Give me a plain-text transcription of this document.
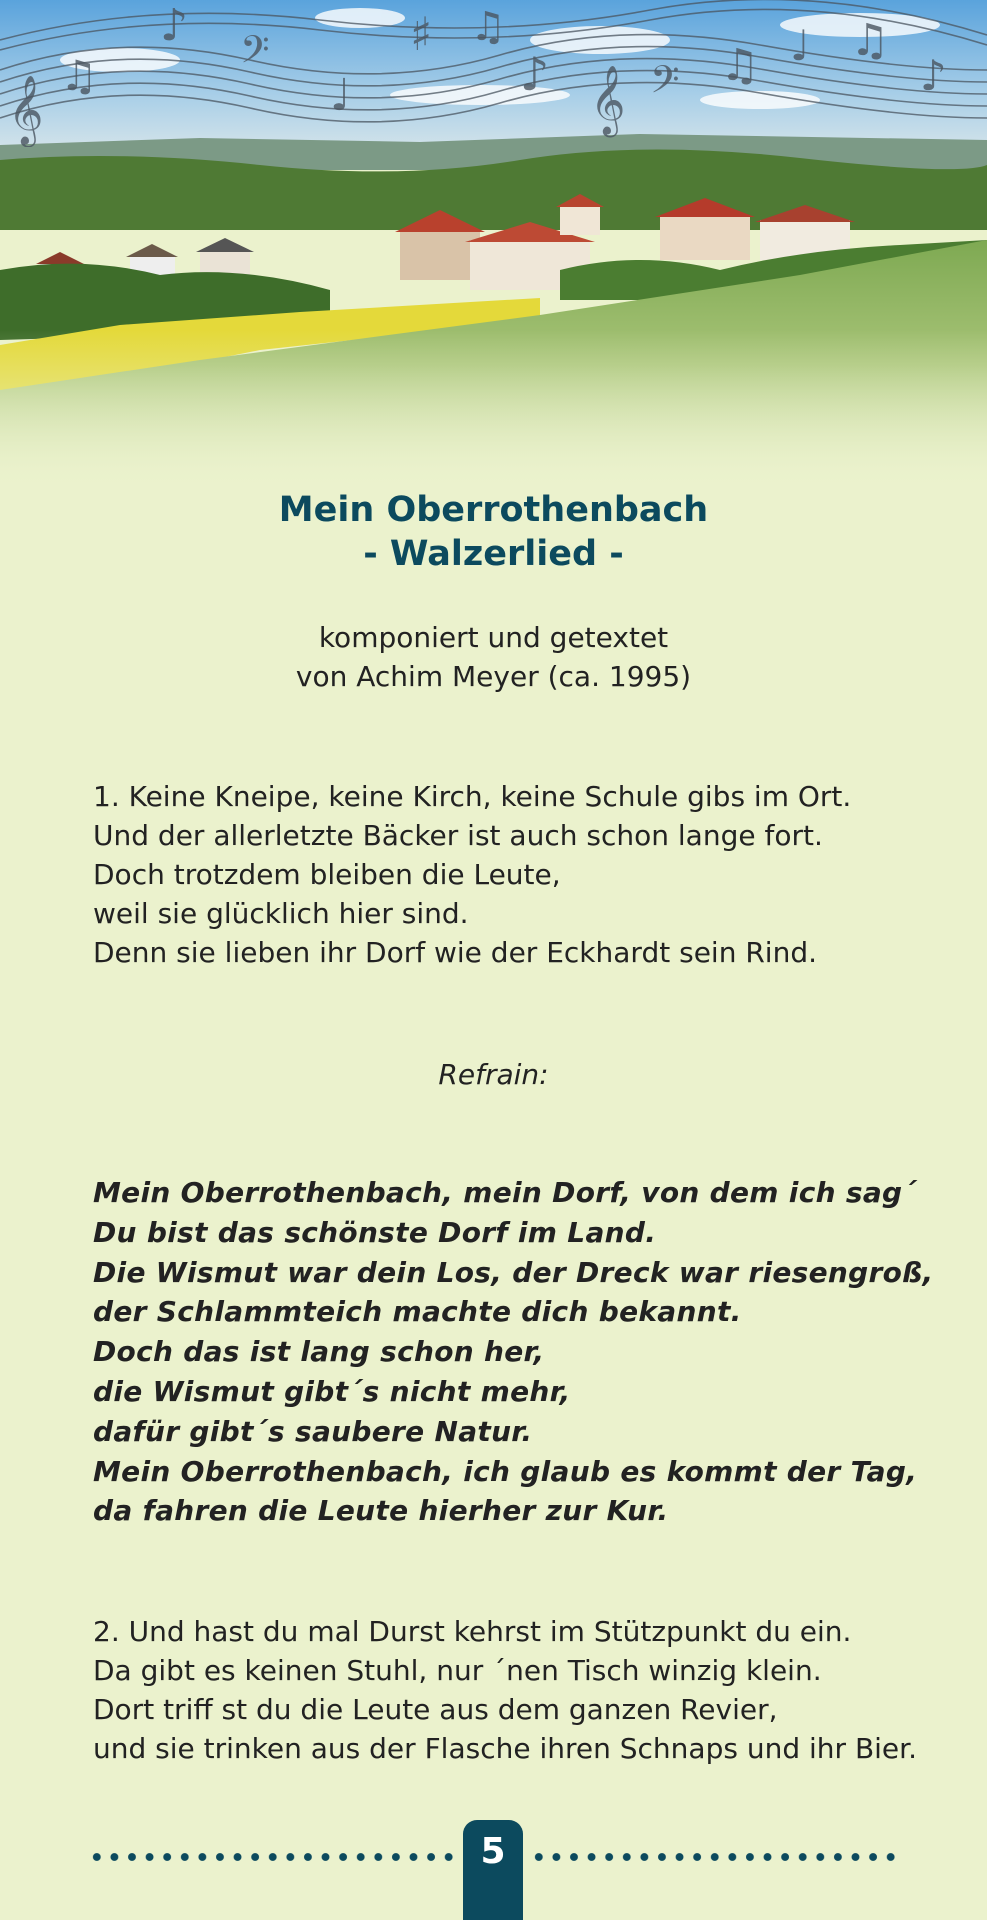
𝄞	𝄞
𝄢
𝄢
♫
♪
♩
♯ ♫
♪	♫ ♩ ♫
♪
Mein Oberrothenbach
- Walzerlied -
komponiert und getextet
von Achim Meyer (ca. 1995)
1. Keine Kneipe, keine Kirch, keine Schule gibs im Ort.
Und der allerletzte Bäcker ist auch schon lange fort.
Doch trotzdem bleiben die Leute,
weil sie glücklich hier sind.
Denn sie lieben ihr Dorf wie der Eckhardt sein Rind.
Refrain:
Mein Oberrothenbach, mein Dorf, von dem ich sag´
Du bist das schönste Dorf im Land.
Die Wismut war dein Los, der Dreck war riesengroß,
der Schlammteich machte dich bekannt.
Doch das ist lang schon her,
die Wismut gibt´s nicht mehr,
dafür gibt´s saubere Natur.
Mein Oberrothenbach, ich glaub es kommt der Tag,
da fahren die Leute hierher zur Kur.
2. Und hast du mal Durst kehrst im Stützpunkt du ein.
Da gibt es keinen Stuhl, nur ´nen Tisch winzig klein.
Dort triff st du die Leute aus dem ganzen Revier,
und sie trinken aus der Flasche ihren Schnaps und ihr Bier.
5
